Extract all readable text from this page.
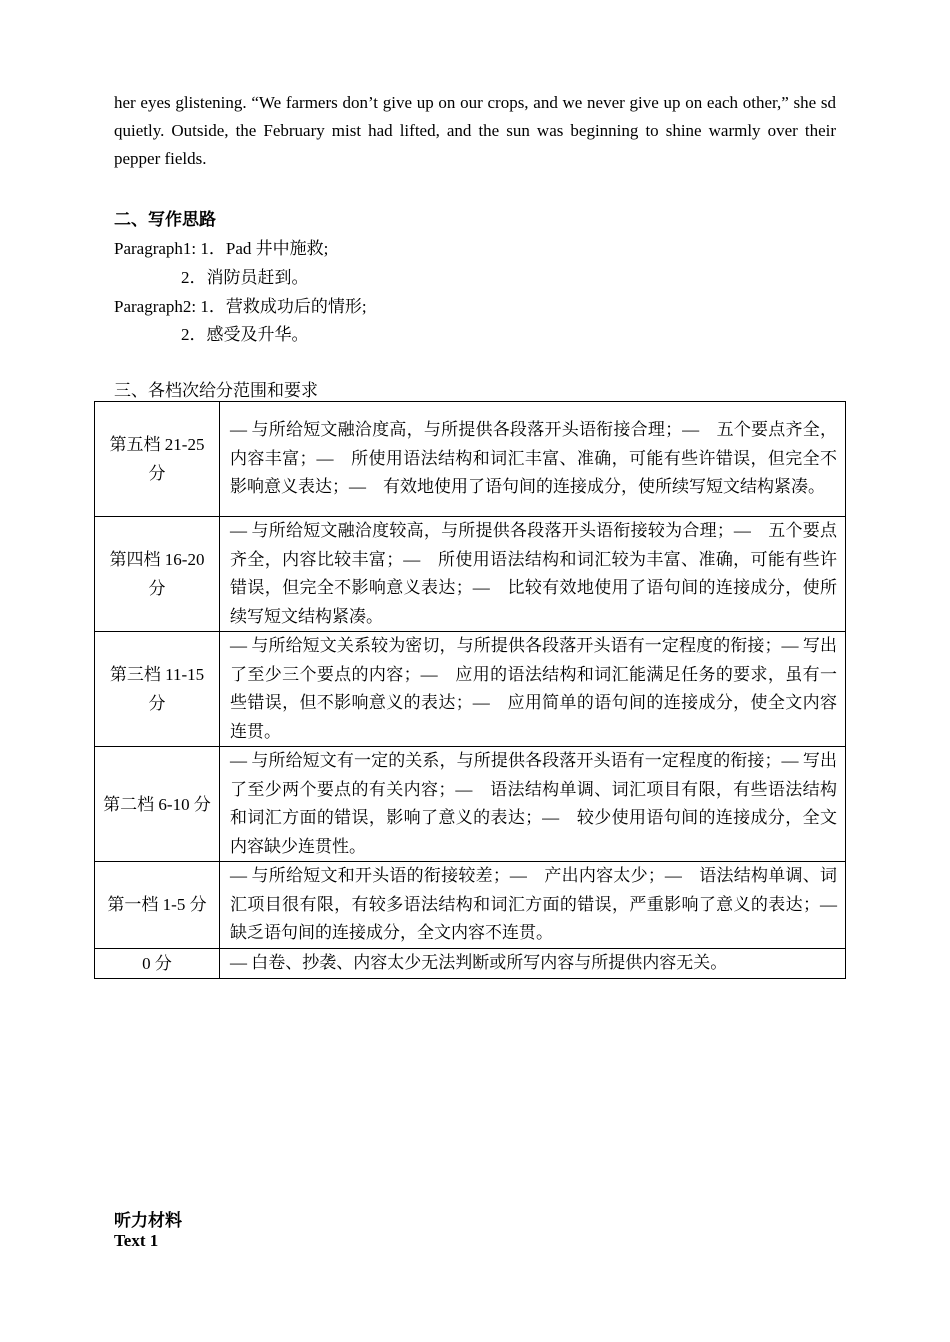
her eyes glistening. “We farmers don’t give up on our crops, and we never give up on each other,” she sd quietly. Outside, the February mist had lifted, and the sun was beginning to shine warmly over their pepper fields.

二、写作思路
Paragraph1: 1．Pad 井中施救;
2．消防员赶到。
Paragraph2: 1．营救成功后的情形;
2．感受及升华。
三、各档次给分范围和要求
第五档 21-25 分	— 与所给短文融洽度高，与所提供各段落开头语衔接合理；—　五个要点齐全，内容丰富；—　所使用语法结构和词汇丰富、准确，可能有些许错误，但完全不影响意义表达；—　有效地使用了语句间的连接成分，使所续写短文结构紧凑。
第四档 16-20 分	— 与所给短文融洽度较高，与所提供各段落开头语衔接较为合理；—　五个要点齐全，内容比较丰富；—　所使用语法结构和词汇较为丰富、准确，可能有些许错误，但完全不影响意义表达；—　比较有效地使用了语句间的连接成分，使所续写短文结构紧凑。
第三档 11-15 分	— 与所给短文关系较为密切，与所提供各段落开头语有一定程度的衔接；— 写出了至少三个要点的内容；—　应用的语法结构和词汇能满足任务的要求，虽有一些错误，但不影响意义的表达；—　应用简单的语句间的连接成分，使全文内容连贯。
第二档 6-10 分	— 与所给短文有一定的关系，与所提供各段落开头语有一定程度的衔接；— 写出了至少两个要点的有关内容；—　语法结构单调、词汇项目有限，有些语法结构和词汇方面的错误，影响了意义的表达；—　较少使用语句间的连接成分，全文内容缺少连贯性。
第一档 1-5 分	— 与所给短文和开头语的衔接较差；—　产出内容太少；—　语法结构单调、词汇项目很有限，有较多语法结构和词汇方面的错误，严重影响了意义的表达；—　缺乏语句间的连接成分，全文内容不连贯。
0 分	— 白卷、抄袭、内容太少无法判断或所写内容与所提供内容无关。
听力材料
Text 1
